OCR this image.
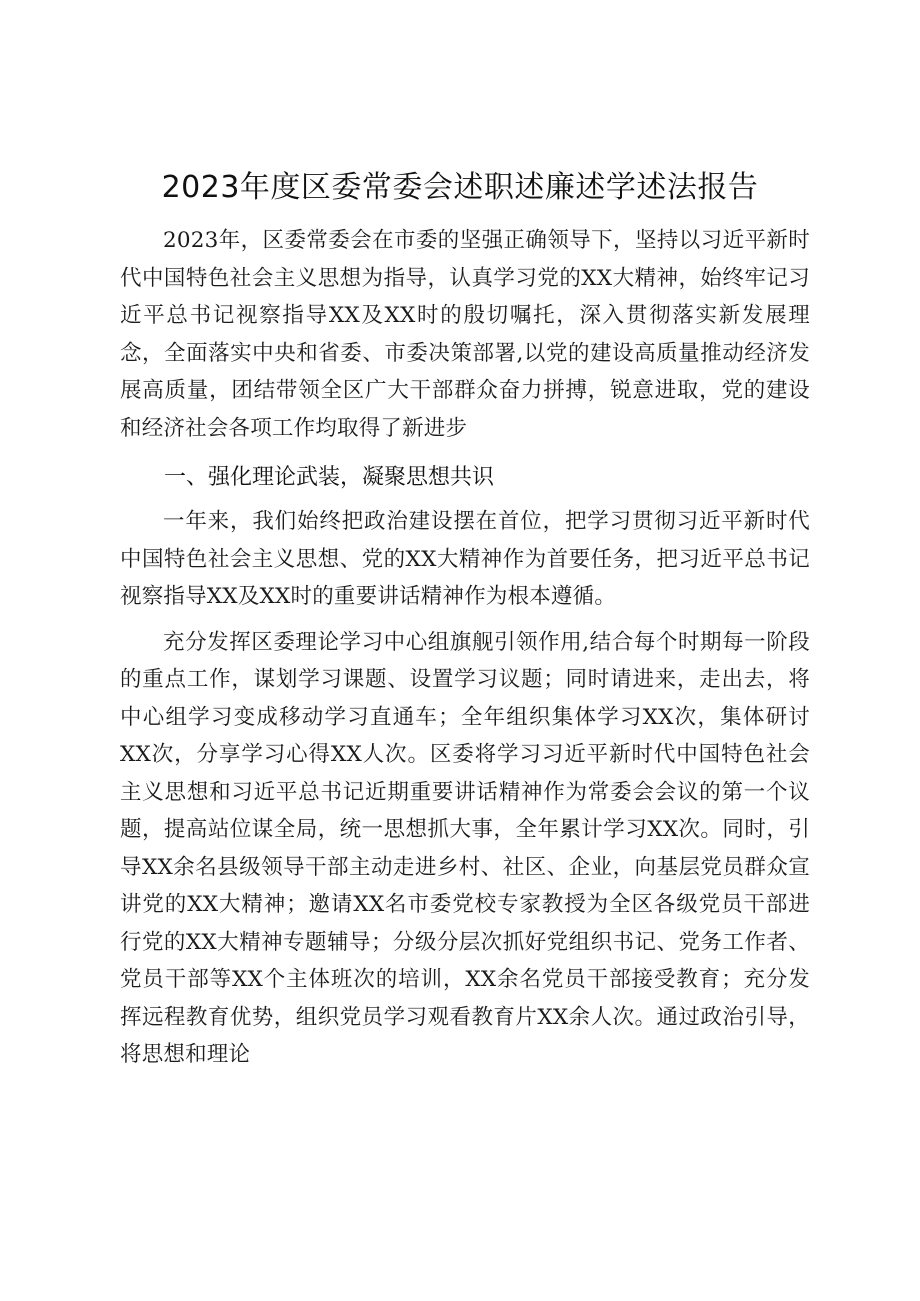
2023年度区委常委会述职述廉述学述法报告

2023年，区委常委会在市委的坚强正确领导下，坚持以习近平新时代中国特色社会主义思想为指导，认真学习党的XX大精神，始终牢记习近平总书记视察指导XX及XX时的殷切嘱托，深入贯彻落实新发展理念，全面落实中央和省委、市委决策部署,以党的建设高质量推动经济发展高质量，团结带领全区广大干部群众奋力拼搏，锐意进取，党的建设和经济社会各项工作均取得了新进步

一、强化理论武装，凝聚思想共识

一年来，我们始终把政治建设摆在首位，把学习贯彻习近平新时代中国特色社会主义思想、党的XX大精神作为首要任务，把习近平总书记视察指导XX及XX时的重要讲话精神作为根本遵循。

充分发挥区委理论学习中心组旗舰引领作用,结合每个时期每一阶段的重点工作，谋划学习课题、设置学习议题；同时请进来，走出去，将中心组学习变成移动学习直通车；全年组织集体学习XX次，集体研讨XX次，分享学习心得XX人次。区委将学习习近平新时代中国特色社会主义思想和习近平总书记近期重要讲话精神作为常委会会议的第一个议题，提高站位谋全局，统一思想抓大事，全年累计学习XX次。同时，引导XX余名县级领导干部主动走进乡村、社区、企业，向基层党员群众宣讲党的XX大精神；邀请XX名市委党校专家教授为全区各级党员干部进行党的XX大精神专题辅导；分级分层次抓好党组织书记、党务工作者、党员干部等XX个主体班次的培训，XX余名党员干部接受教育；充分发挥远程教育优势，组织党员学习观看教育片XX余人次。通过政治引导，将思想和理论
